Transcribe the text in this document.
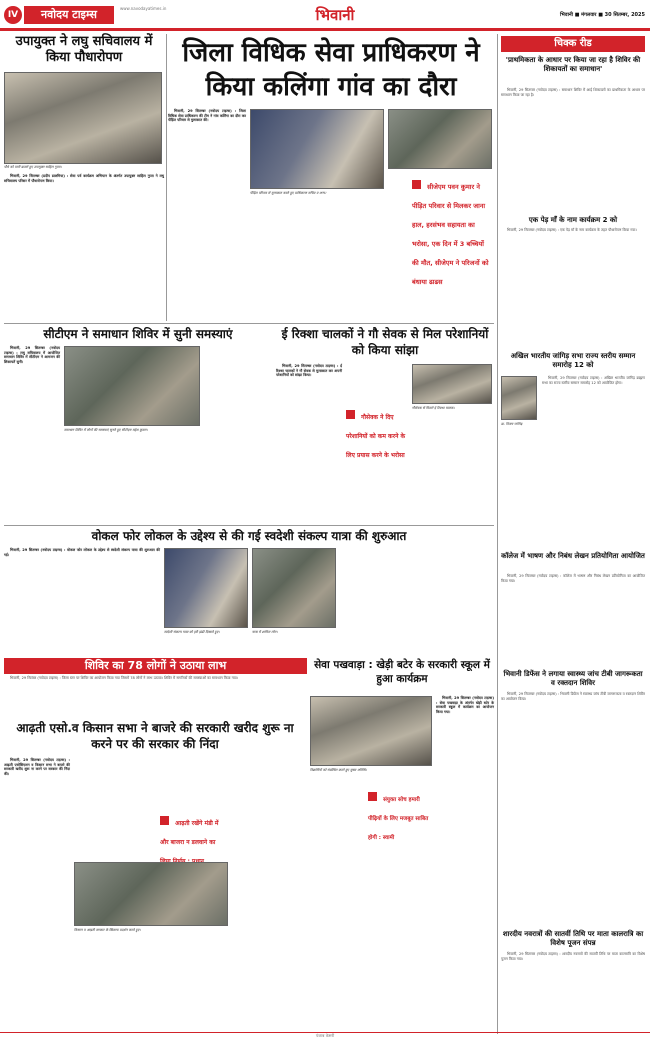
IV	नवोदय टाइम्स	www.navodayatimes.in	भिवानी	भिवानी ■ मंगलवार ■ 30 सितम्बर, 2025
उपायुक्त ने लघु सचिवालय में किया पौधारोपण
पौधे को पानी डालते हुए उपायुक्त साहिल गुप्ता।

भिवानी, 29 सितम्बर (प्रदीप डालमिया) : सेवा पर्व कार्यक्रम अभियान के अंतर्गत उपायुक्त साहिल गुप्ता ने लघु सचिवालय परिसर में पौधारोपण किया।

जिला विधिक सेवा प्राधिकरण ने किया कलिंगा गांव का दौरा

भिवानी, 29 सितम्बर (नवोदय टाइम्स) : जिला विधिक सेवा प्राधिकरण की टीम ने गांव कलिंगा का दौरा कर पीड़ित परिवार से मुलाकात की।

पीड़ित परिवार से मुलाकात करते हुए प्राधिकरण सचिव व अन्य।
सीजेएम पवन कुमार ने पीड़ित परिवार से मिलकर जाना हाल, हरसंभव सहायता का भरोसा, एक दिन में 3 बच्चियों की मौत, सीजेएम ने परिजनों को बंधाया ढाढस
चिक्क रीड
'प्राथमिकता के आधार पर किया जा रहा है शिविर की शिकायतों का समाधान'

भिवानी, 29 सितम्बर (नवोदय टाइम्स) : समाधान शिविर में आई शिकायतों का प्राथमिकता के आधार पर समाधान किया जा रहा है।

एक पेड़ माँ के नाम कार्यक्रम 2 को

भिवानी, 29 सितम्बर (नवोदय टाइम्स) : एक पेड़ माँ के नाम कार्यक्रम के तहत पौधारोपण किया गया।

अखिल भारतीय जांगिड़ सभा राज्य स्तरीय सम्मान समारोह 12 को
डा. विजय जांगिड़

भिवानी, 29 सितम्बर (नवोदय टाइम्स) : अखिल भारतीय जांगिड़ ब्राह्मण सभा का राज्य स्तरीय सम्मान समारोह 12 को आयोजित होगा।

कॉलेज में भाषण और निबंध लेखन प्रतियोगिता आयोजित

भिवानी, 29 सितम्बर (नवोदय टाइम्स) : कॉलेज में भाषण और निबंध लेखन प्रतियोगिता का आयोजित किया गया।

भिवानी डिफेंस ने लगाया स्वास्थ्य जांच टीबी जागरूकता व रक्तदान शिविर

भिवानी, 29 सितम्बर (नवोदय टाइम्स) : भिवानी डिफेंस ने स्वास्थ्य जांच टीबी जागरूकता व रक्तदान शिविर का आयोजन किया।

शारदीय नवरात्रों की सातवीं तिथि पर माता कालरात्रि का विशेष पूजन संपन्न

भिवानी, 29 सितम्बर (नवोदय टाइम्स) : शारदीय नवरात्रों की सातवीं तिथि पर माता कालरात्रि का विशेष पूजन किया गया।

सीटीएम ने समाधान शिविर में सुनी समस्याएं

भिवानी, 29 सितम्बर (नवोदय टाइम्स) : लघु सचिवालय में आयोजित समाधान शिविर में सीटीएम ने आमजन की शिकायतें सुनी।

समाधान शिविर में लोगों की समस्याएं सुनते हुए सीटीएम महेश कुमार।
ई रिक्शा चालकों ने गौ सेवक से मिल परेशानियों को किया सांझा

भिवानी, 29 सितम्बर (नवोदय टाइम्स) : ई रिक्शा चालकों ने गौ सेवक से मुलाकात कर अपनी परेशानियों को सांझा किया।

गौसेवक ने दिए परेशानियों को कम करने के लिए प्रयास करने के भरोसा
गौसेवक से मिलते ई रिक्शा चालक।
वोकल फोर लोकल के उद्देश्य से की गई स्वदेशी संकल्प यात्रा की शुरुआत

भिवानी, 29 सितम्बर (नवोदय टाइम्स) : वोकल फोर लोकल के उद्देश्य से स्वदेशी संकल्प यात्रा की शुरुआत की गई।

स्वदेशी संकल्प यात्रा को हरी झंडी दिखाते हुए।	यात्रा में शामिल लोग।
शिविर का 78 लोगों ने उठाया लाभ

भिवानी, 29 सितंबर (नवोदय टाइम्स) : जिला स्तर पर शिविर का आयोजन किया गया जिसमें 78 लोगों ने लाभ उठाया। शिविर में नागरिकों की समस्याओं का समाधान किया गया।

सेवा पखवाड़ा : खेड़ी बटेर के सरकारी स्कूल में हुआ कार्यक्रम
विद्यार्थियों को संबोधित करते हुए मुख्य अतिथि।

भिवानी, 29 सितम्बर (नवोदय टाइम्स) : सेवा पखवाड़ा के अंतर्गत खेड़ी बटेर के सरकारी स्कूल में कार्यक्रम का आयोजन किया गया।

संयुक्त सोच हमारी पीढ़ियों के लिए मजबूत साबित होगी : स्वामी
आढ़ती एसो.व किसान सभा ने बाजरे की सरकारी खरीद शुरू ना करने पर की सरकार की निंदा

भिवानी, 29 सितम्बर (नवोदय टाइम्स) : आढ़ती एसोसिएशन व किसान सभा ने बाजरे की सरकारी खरीद शुरू ना करने पर सरकार की निंदा की।

आढ़ती रखेंगे मंडी में और बाजरा न डलवाने का
किसान व आढ़ती सरकार के खिलाफ प्रदर्शन करते हुए।
पंजाब केसरी
